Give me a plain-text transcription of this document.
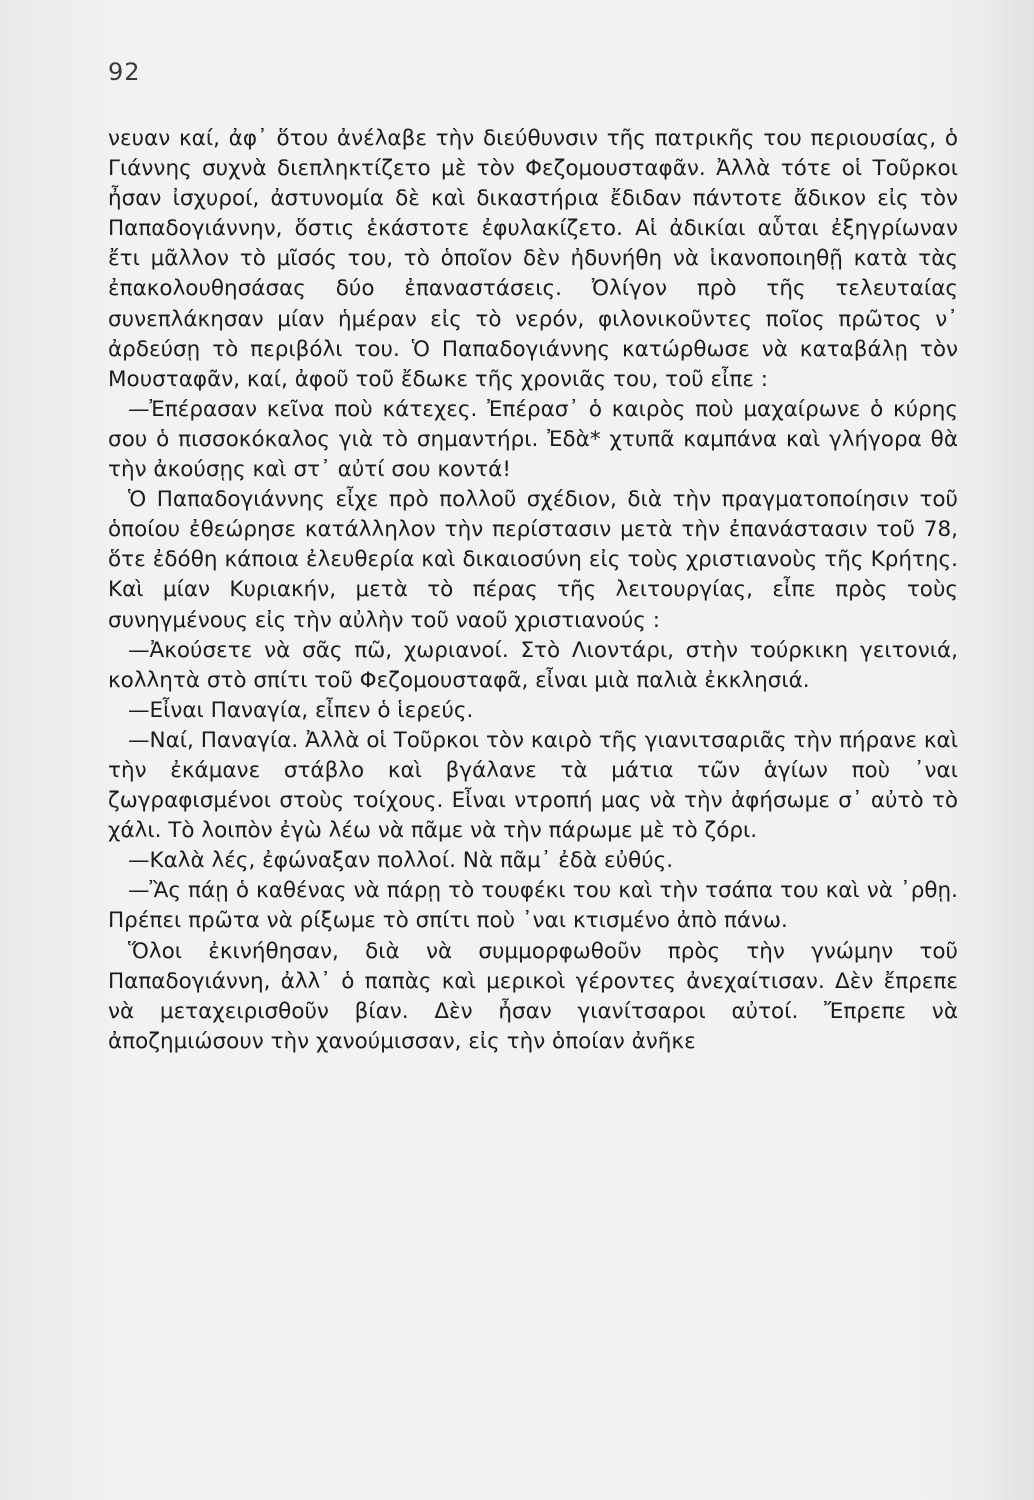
92

νευαν καί, ἀφ᾽ ὅτου ἀνέλαβε τὴν διεύθυνσιν τῆς πατρικῆς του περιουσίας, ὁ Γιάννης συχνὰ διεπληκτίζετο μὲ τὸν Φεζομουσταφᾶν. Ἀλλὰ τότε οἱ Τοῦρκοι ἦσαν ἰσχυροί, ἀστυνομία δὲ καὶ δικαστήρια ἔδιδαν πάντοτε ἄδικον εἰς τὸν Παπαδογιάννην, ὅστις ἑκάστοτε ἐφυλακίζετο. Αἱ ἀδικίαι αὗται ἐξηγρίωναν ἔτι μᾶλλον τὸ μῖσός του, τὸ ὁποῖον δὲν ἠδυνήθη νὰ ἱκανοποιηθῇ κατὰ τὰς ἐπακολουθησάσας δύο ἐπαναστάσεις. Ὀλίγον πρὸ τῆς τελευταίας συνεπλάκησαν μίαν ἡμέραν εἰς τὸ νερόν, φιλονικοῦντες ποῖος πρῶτος ν᾽ ἀρδεύσῃ τὸ περιβόλι του. Ὁ Παπαδογιάννης κατώρθωσε νὰ καταβάλῃ τὸν Μουσταφᾶν, καί, ἀφοῦ τοῦ ἔδωκε τῆς χρονιᾶς του, τοῦ εἶπε :

—Ἐπέρασαν κεῖνα ποὺ κάτεχες. Ἐπέρασ᾽ ὁ καιρὸς ποὺ μαχαίρωνε ὁ κύρης σου ὁ πισσοκόκαλος γιὰ τὸ σημαντήρι. Ἐδὰ* χτυπᾶ καμπάνα καὶ γλήγορα θὰ τὴν ἀκούσῃς καὶ στ᾽ αὐτί σου κοντά!

Ὁ Παπαδογιάννης εἶχε πρὸ πολλοῦ σχέδιον, διὰ τὴν πραγματοποίησιν τοῦ ὁποίου ἐθεώρησε κατάλληλον τὴν περίστασιν μετὰ τὴν ἐπανάστασιν τοῦ 78, ὅτε ἐδόθη κάποια ἐλευθερία καὶ δικαιοσύνη εἰς τοὺς χριστιανοὺς τῆς Κρήτης. Καὶ μίαν Κυριακήν, μετὰ τὸ πέρας τῆς λειτουργίας, εἶπε πρὸς τοὺς συνηγμένους εἰς τὴν αὐλὴν τοῦ ναοῦ χριστιανούς :

—Ἀκούσετε νὰ σᾶς πῶ, χωριανοί. Στὸ Λιοντάρι, στὴν τούρκικη γειτονιά, κολλητὰ στὸ σπίτι τοῦ Φεζομουσταφᾶ, εἶναι μιὰ παλιὰ ἐκκλησιά.

—Εἶναι Παναγία, εἶπεν ὁ ἱερεύς.

—Ναί, Παναγία. Ἀλλὰ οἱ Τοῦρκοι τὸν καιρὸ τῆς γιανιτσαριᾶς τὴν πήρανε καὶ τὴν ἐκάμανε στάβλο καὶ βγάλανε τὰ μάτια τῶν ἁγίων ποὺ ᾽ναι ζωγραφισμένοι στοὺς τοίχους. Εἶναι ντροπή μας νὰ τὴν ἀφήσωμε σ᾽ αὐτὸ τὸ χάλι. Τὸ λοιπὸν ἐγὼ λέω νὰ πᾶμε νὰ τὴν πάρωμε μὲ τὸ ζόρι.

—Καλὰ λές, ἐφώναξαν πολλοί. Νὰ πᾶμ᾽ ἐδὰ εὐθύς.

—Ἂς πάῃ ὁ καθένας νὰ πάρῃ τὸ τουφέκι του καὶ τὴν τσάπα του καὶ νὰ ᾽ρθῃ. Πρέπει πρῶτα νὰ ρίξωμε τὸ σπίτι ποὺ ᾽ναι κτισμένο ἀπὸ πάνω.

Ὅλοι ἐκινήθησαν, διὰ νὰ συμμορφωθοῦν πρὸς τὴν γνώμην τοῦ Παπαδογιάννη, ἀλλ᾽ ὁ παπὰς καὶ μερικοὶ γέροντες ἀνεχαίτισαν. Δὲν ἔπρεπε νὰ μεταχειρισθοῦν βίαν. Δὲν ἦσαν γιανίτσαροι αὐτοί. Ἔπρεπε νὰ ἀποζημιώσουν τὴν χανούμισσαν, εἰς τὴν ὁποίαν ἀνῆκε
